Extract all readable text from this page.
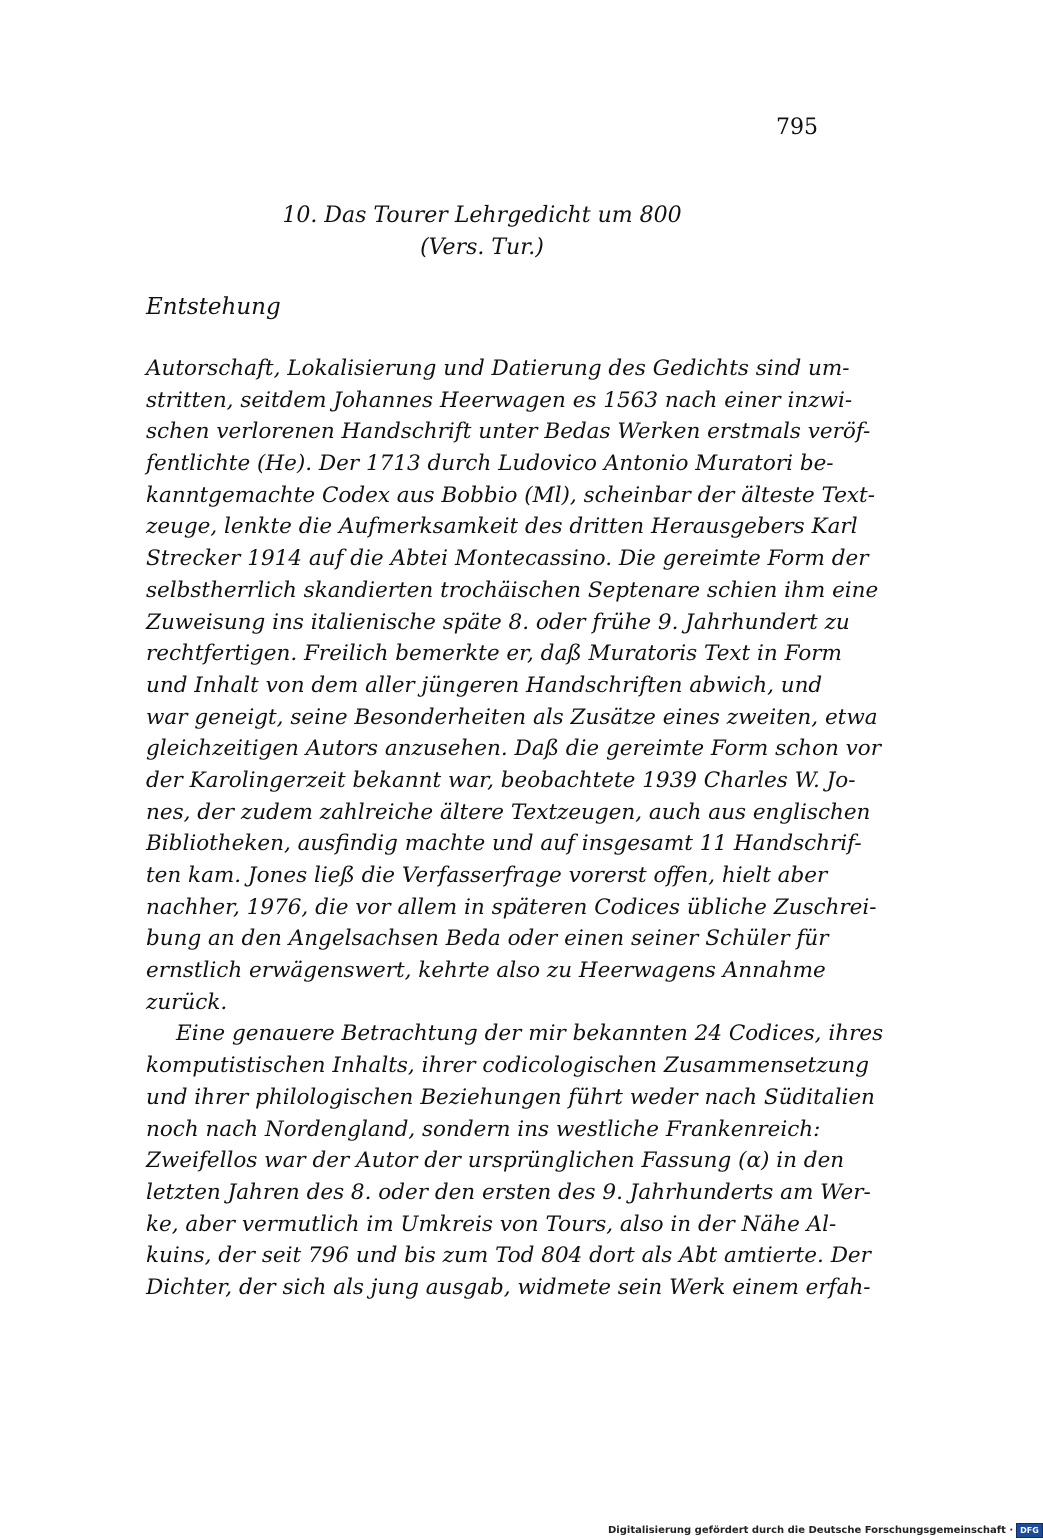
795
10. Das Tourer Lehrgedicht um 800
(Vers. Tur.)
Entstehung
Autorschaft, Lokalisierung und Datierung des Gedichts sind um-
stritten, seitdem Johannes Heerwagen es 1563 nach einer inzwi-
schen verlorenen Handschrift unter Bedas Werken erstmals veröf-
fentlichte (He). Der 1713 durch Ludovico Antonio Muratori be-
kanntgemachte Codex aus Bobbio (Ml), scheinbar der älteste Text-
zeuge, lenkte die Aufmerksamkeit des dritten Herausgebers Karl
Strecker 1914 auf die Abtei Montecassino. Die gereimte Form der
selbstherrlich skandierten trochäischen Septenare schien ihm eine
Zuweisung ins italienische späte 8. oder frühe 9. Jahrhundert zu
rechtfertigen. Freilich bemerkte er, daß Muratoris Text in Form
und Inhalt von dem aller jüngeren Handschriften abwich, und
war geneigt, seine Besonderheiten als Zusätze eines zweiten, etwa
gleichzeitigen Autors anzusehen. Daß die gereimte Form schon vor
der Karolingerzeit bekannt war, beobachtete 1939 Charles W. Jo-
nes, der zudem zahlreiche ältere Textzeugen, auch aus englischen
Bibliotheken, ausfindig machte und auf insgesamt 11 Handschrif-
ten kam. Jones ließ die Verfasserfrage vorerst offen, hielt aber
nachher, 1976, die vor allem in späteren Codices übliche Zuschrei-
bung an den Angelsachsen Beda oder einen seiner Schüler für
ernstlich erwägenswert, kehrte also zu Heerwagens Annahme
zurück.
Eine genauere Betrachtung der mir bekannten 24 Codices, ihres
komputistischen Inhalts, ihrer codicologischen Zusammensetzung
und ihrer philologischen Beziehungen führt weder nach Süditalien
noch nach Nordengland, sondern ins westliche Frankenreich:
Zweifellos war der Autor der ursprünglichen Fassung (α) in den
letzten Jahren des 8. oder den ersten des 9. Jahrhunderts am Wer-
ke, aber vermutlich im Umkreis von Tours, also in der Nähe Al-
kuins, der seit 796 und bis zum Tod 804 dort als Abt amtierte. Der
Dichter, der sich als jung ausgab, widmete sein Werk einem erfah-
Digitalisierung gefördert durch die Deutsche Forschungsgemeinschaft · DFG
